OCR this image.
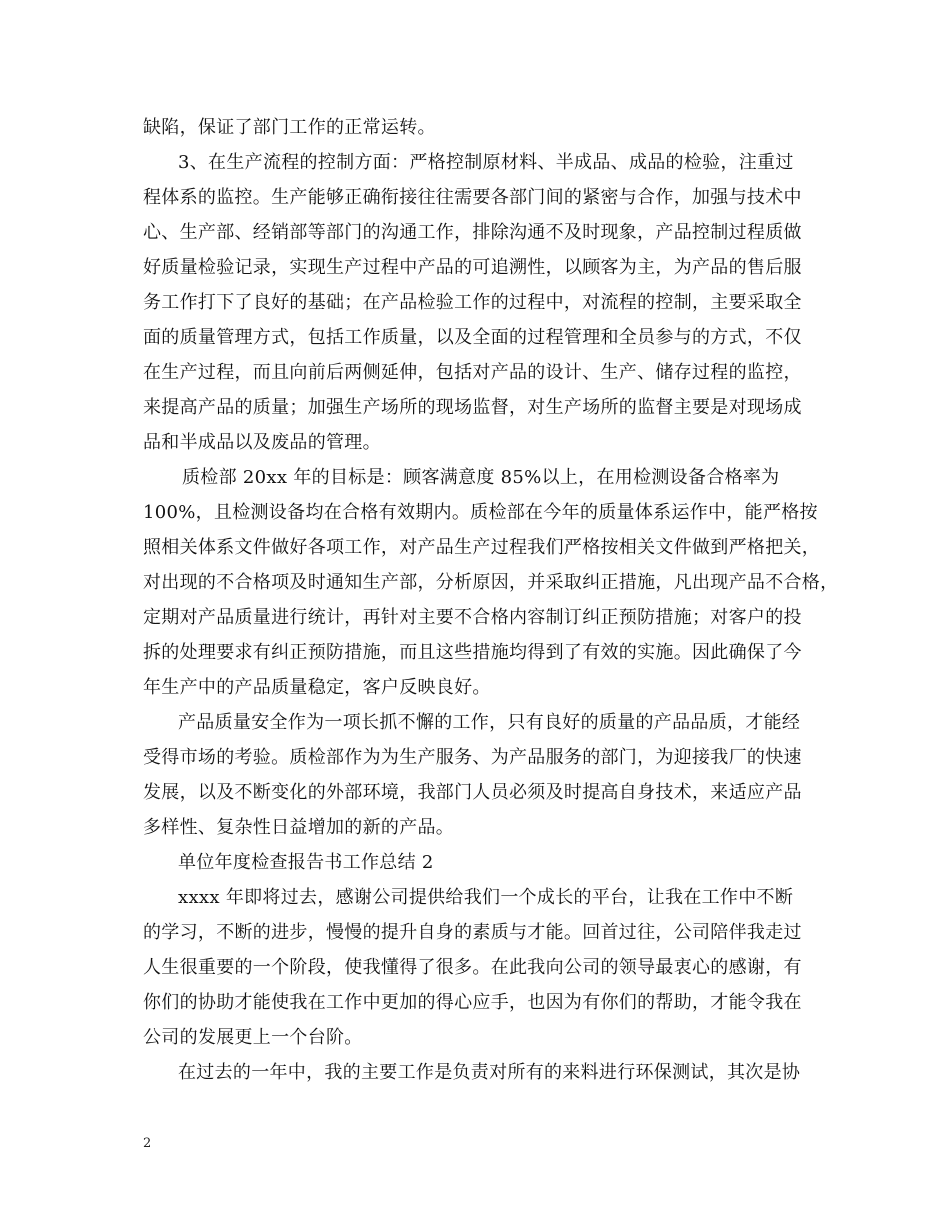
缺陷，保证了部门工作的正常运转。
3、在生产流程的控制方面：严格控制原材料、半成品、成品的检验，注重过
程体系的监控。生产能够正确衔接往往需要各部门间的紧密与合作，加强与技术中
心、生产部、经销部等部门的沟通工作，排除沟通不及时现象，产品控制过程质做
好质量检验记录，实现生产过程中产品的可追溯性，以顾客为主，为产品的售后服
务工作打下了良好的基础；在产品检验工作的过程中，对流程的控制，主要采取全
面的质量管理方式，包括工作质量，以及全面的过程管理和全员参与的方式，不仅
在生产过程，而且向前后两侧延伸，包括对产品的设计、生产、储存过程的监控，
来提高产品的质量；加强生产场所的现场监督，对生产场所的监督主要是对现场成
品和半成品以及废品的管理。
质检部 20xx 年的目标是：顾客满意度 85%以上，在用检测设备合格率为
100%，且检测设备均在合格有效期内。质检部在今年的质量体系运作中，能严格按
照相关体系文件做好各项工作，对产品生产过程我们严格按相关文件做到严格把关，
对出现的不合格项及时通知生产部，分析原因，并采取纠正措施，凡出现产品不合格，
定期对产品质量进行统计，再针对主要不合格内容制订纠正预防措施；对客户的投
拆的处理要求有纠正预防措施，而且这些措施均得到了有效的实施。因此确保了今
年生产中的产品质量稳定，客户反映良好。
产品质量安全作为一项长抓不懈的工作，只有良好的质量的产品品质，才能经
受得市场的考验。质检部作为为生产服务、为产品服务的部门，为迎接我厂的快速
发展，以及不断变化的外部环境，我部门人员必须及时提高自身技术，来适应产品
多样性、复杂性日益增加的新的产品。
单位年度检查报告书工作总结 2
xxxx 年即将过去，感谢公司提供给我们一个成长的平台，让我在工作中不断
的学习，不断的进步，慢慢的提升自身的素质与才能。回首过往，公司陪伴我走过
人生很重要的一个阶段，使我懂得了很多。在此我向公司的领导最衷心的感谢，有
你们的协助才能使我在工作中更加的得心应手，也因为有你们的帮助，才能令我在
公司的发展更上一个台阶。
在过去的一年中，我的主要工作是负责对所有的来料进行环保测试，其次是协
2
